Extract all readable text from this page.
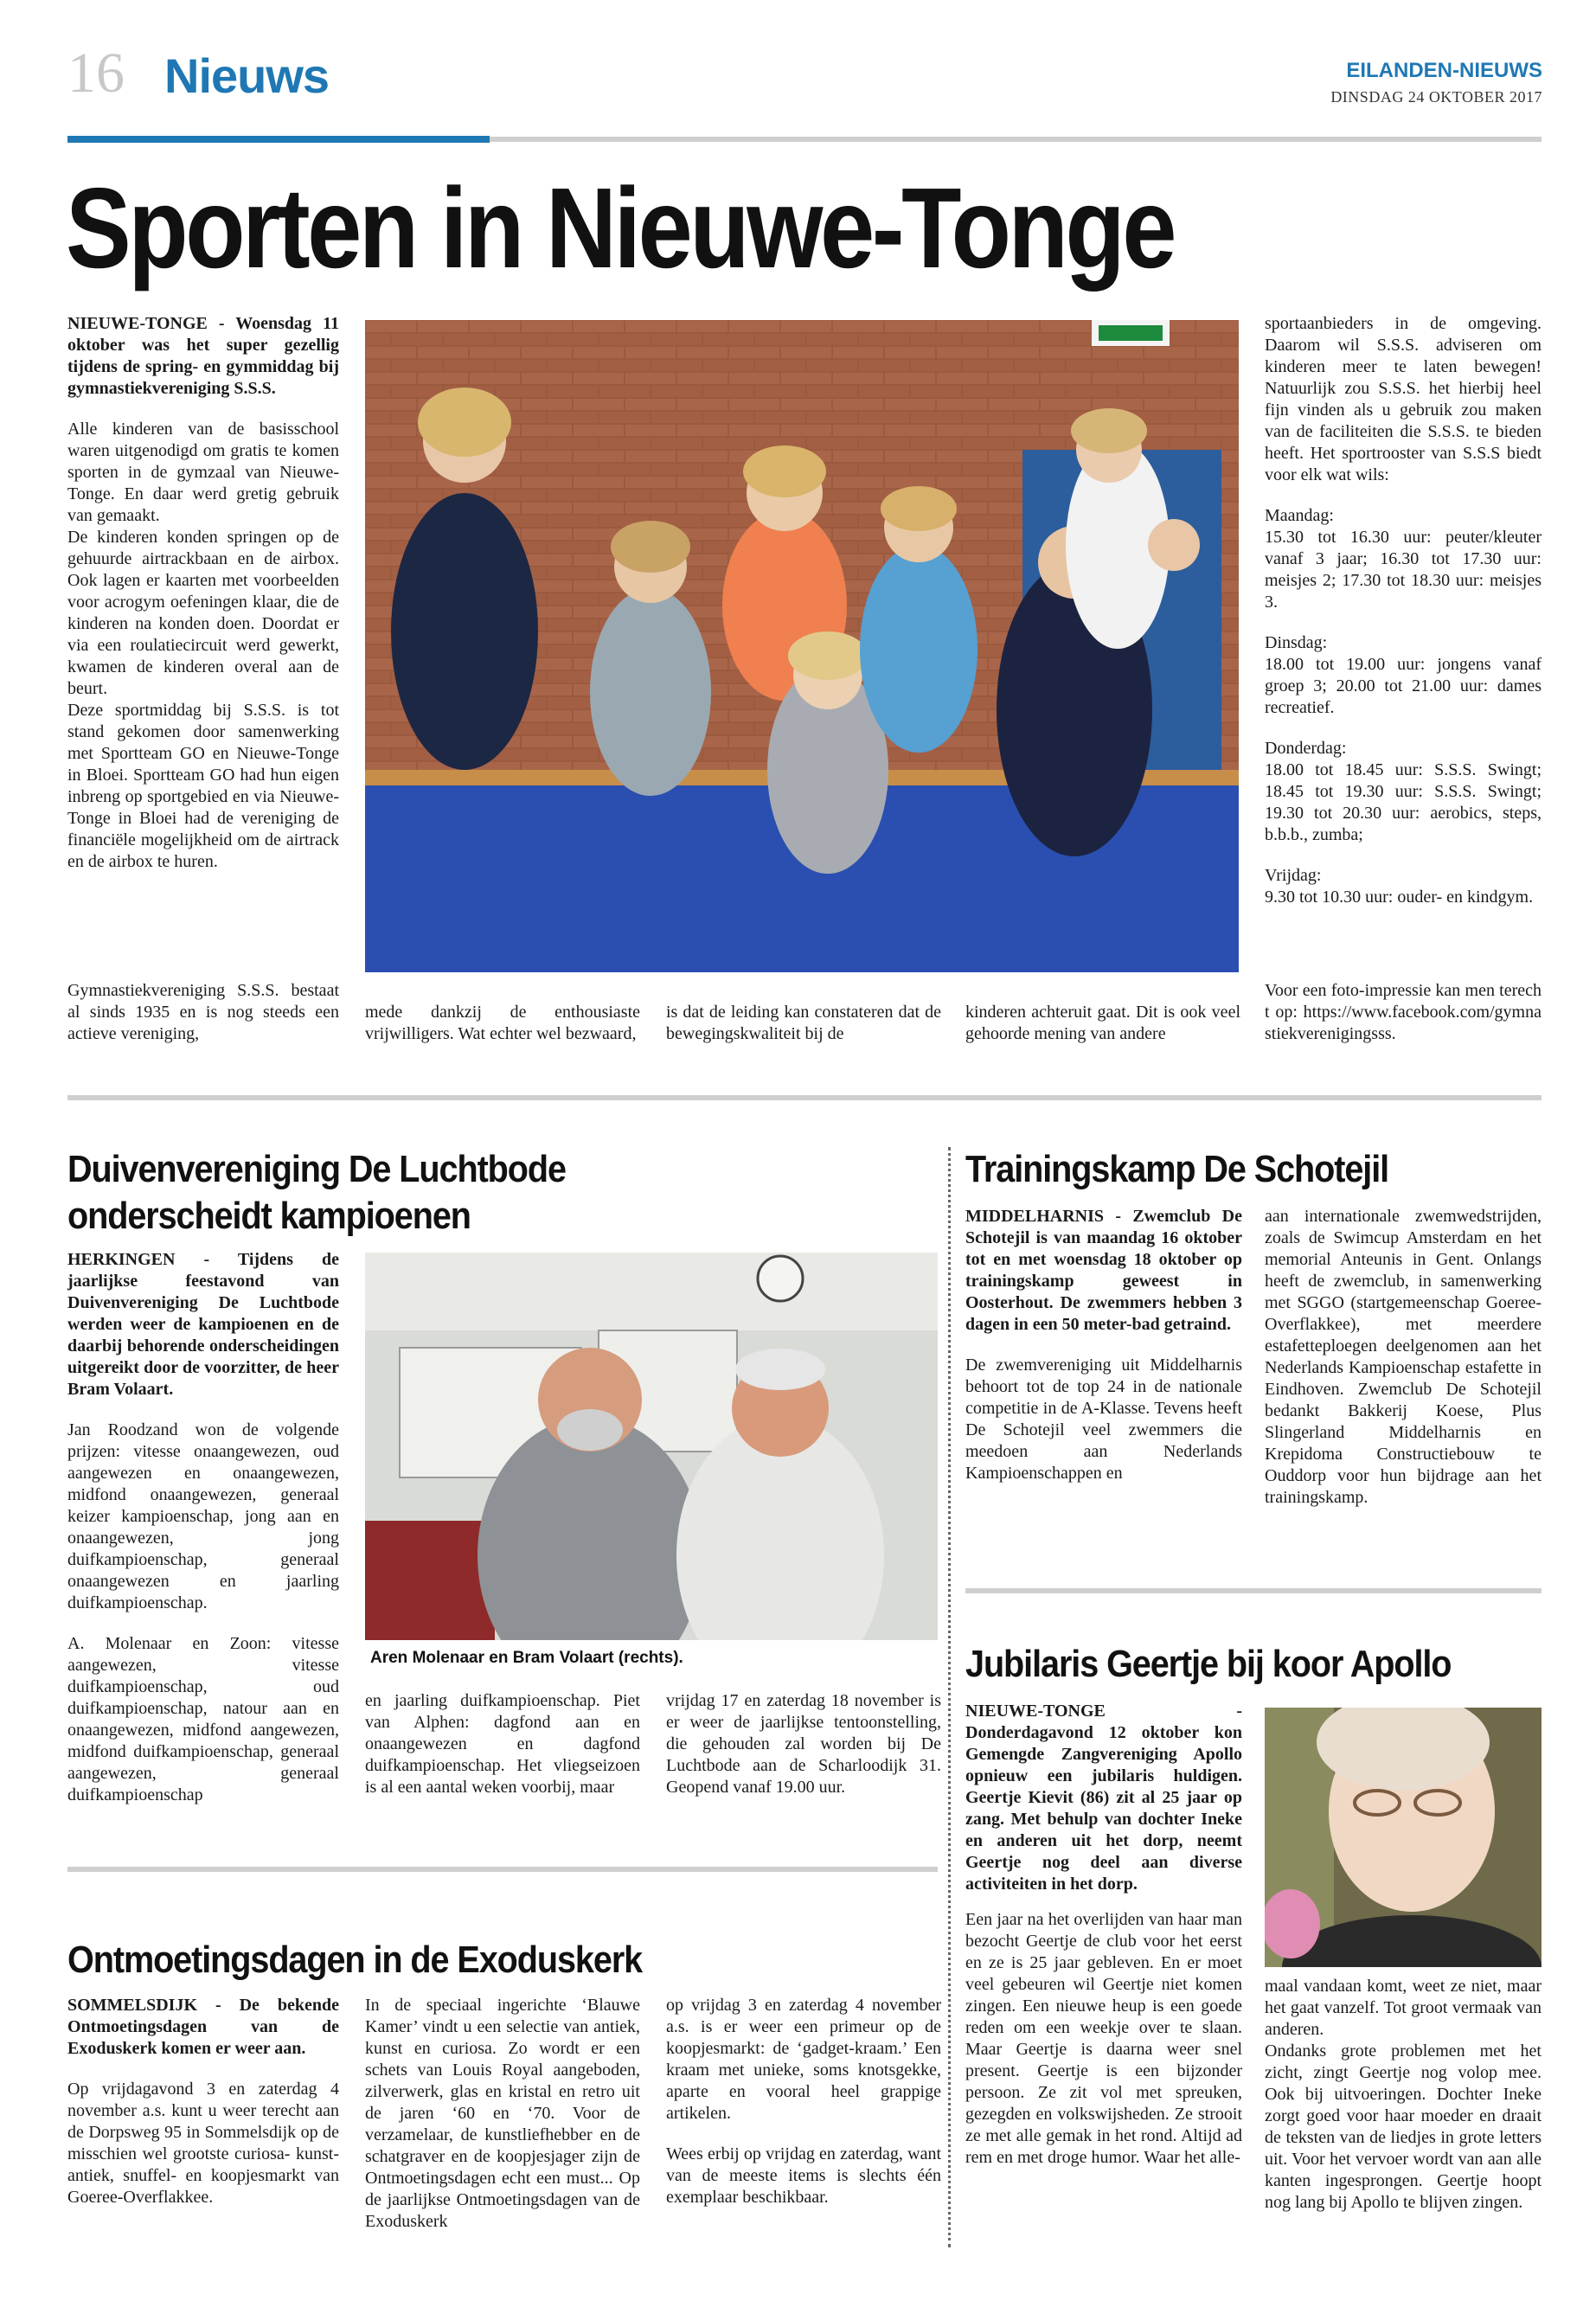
16 Nieuws	EILANDEN-NIEUWS
DINSDAG 24 OKTOBER 2017
Sporten in Nieuwe-Tonge

NIEUWE-TONGE - Woensdag 11 oktober was het super gezellig tijdens de spring- en gymmiddag bij gymnastiekvereniging S.S.S.

Alle kinderen van de basisschool waren uitgenodigd om gratis te komen sporten in de gymzaal van Nieuwe-Tonge. En daar werd gretig gebruik van gemaakt.

De kinderen konden springen op de gehuurde airtrackbaan en de airbox. Ook lagen er kaarten met voorbeelden voor acrogym oefeningen klaar, die de kinderen na konden doen. Doordat er via een roulatiecircuit werd gewerkt, kwamen de kinderen overal aan de beurt.

Deze sportmiddag bij S.S.S. is tot stand gekomen door samenwerking met Sportteam GO en Nieuwe-Tonge in Bloei. Sportteam GO had hun eigen inbreng op sportgebied en via Nieuwe-Tonge in Bloei had de vereniging de financiële mogelijkheid om de airtrack en de airbox te huren.

sportaanbieders in de omgeving. Daarom wil S.S.S. adviseren om kinderen meer te laten bewegen! Natuurlijk zou S.S.S. het hierbij heel fijn vinden als u gebruik zou maken van de faciliteiten die S.S.S. te bieden heeft. Het sportrooster van S.S.S biedt voor elk wat wils:

Maandag:

15.30 tot 16.30 uur: peuter/kleuter vanaf 3 jaar; 16.30 tot 17.30 uur: meisjes 2; 17.30 tot 18.30 uur: meisjes 3.

Dinsdag:

18.00 tot 19.00 uur: jongens vanaf groep 3; 20.00 tot 21.00 uur: dames recreatief.

Donderdag:

18.00 tot 18.45 uur: S.S.S. Swingt; 18.45 tot 19.30 uur: S.S.S. Swingt; 19.30 tot 20.30 uur: aerobics, steps, b.b.b., zumba;

Vrijdag:

9.30 tot 10.30 uur: ouder- en kindgym.

Gymnastiekvereniging S.S.S. bestaat al sinds 1935 en is nog steeds een actieve vereniging,

mede dankzij de enthousiaste vrijwilligers. Wat echter wel bezwaard,

is dat de leiding kan constateren dat de bewegingskwaliteit bij de

kinderen achteruit gaat. Dit is ook veel gehoorde mening van andere

Voor een foto-impressie kan men terecht op: https://www.facebook.com/gymnastiekverenigingsss.

Duivenvereniging De Luchtbode
onderscheidt kampioenen

HERKINGEN - Tijdens de jaarlijkse feestavond van Duivenvereniging De Luchtbode werden weer de kampioenen en de daarbij behorende onderscheidingen uitgereikt door de voorzitter, de heer Bram Volaart.

Jan Roodzand won de volgende prijzen: vitesse onaangewezen, oud aangewezen en onaangewezen, midfond onaangewezen, generaal keizer kampioenschap, jong aan en onaangewezen, jong duifkampioenschap, generaal onaangewezen en jaarling duifkampioenschap.

A. Molenaar en Zoon: vitesse aangewezen, vitesse duifkampioenschap, oud duifkampioenschap, natour aan en onaangewezen, midfond aangewezen, midfond duifkampioenschap, generaal aangewezen, generaal duifkampioenschap

Aren Molenaar en Bram Volaart (rechts).

en jaarling duifkampioenschap. Piet van Alphen: dagfond aan en onaangewezen en dagfond duifkampioenschap. Het vliegseizoen is al een aantal weken voorbij, maar

vrijdag 17 en zaterdag 18 november is er weer de jaarlijkse tentoonstelling, die gehouden zal worden bij De Luchtbode aan de Scharloodijk 31. Geopend vanaf 19.00 uur.

Trainingskamp De Schotejil

MIDDELHARNIS - Zwemclub De Schotejil is van maandag 16 oktober tot en met woensdag 18 oktober op trainingskamp geweest in Oosterhout. De zwemmers hebben 3 dagen in een 50 meter-bad getraind.

De zwemvereniging uit Middelharnis behoort tot de top 24 in de nationale competitie in de A-Klasse. Tevens heeft De Schotejil veel zwemmers die meedoen aan Nederlands Kampioenschappen en

aan internationale zwemwedstrijden, zoals de Swimcup Amsterdam en het memorial Anteunis in Gent. Onlangs heeft de zwemclub, in samenwerking met SGGO (startgemeenschap Goeree- Overflakkee), met meerdere estafetteploegen deelgenomen aan het Nederlands Kampioenschap estafette in Eindhoven. Zwemclub De Schotejil bedankt Bakkerij Koese, Plus Slingerland Middelharnis en Krepidoma Constructiebouw te Ouddorp voor hun bijdrage aan het trainingskamp.

Jubilaris Geertje bij koor Apollo

NIEUWE-TONGE - Donderdagavond 12 oktober kon Gemengde Zangvereniging Apollo opnieuw een jubilaris huldigen. Geertje Kievit (86) zit al 25 jaar op zang. Met behulp van dochter Ineke en anderen uit het dorp, neemt Geertje nog deel aan diverse activiteiten in het dorp.

Een jaar na het overlijden van haar man bezocht Geertje de club voor het eerst en ze is 25 jaar gebleven. En er moet veel gebeuren wil Geertje niet komen zingen. Een nieuwe heup is een goede reden om een weekje over te slaan. Maar Geertje is daarna weer snel present. Geertje is een bijzonder persoon. Ze zit vol met spreuken, gezegden en volkswijsheden. Ze strooit ze met alle gemak in het rond. Altijd ad rem en met droge humor. Waar het alle-

maal vandaan komt, weet ze niet, maar het gaat vanzelf. Tot groot vermaak van anderen.

Ondanks grote problemen met het zicht, zingt Geertje nog volop mee. Ook bij uitvoeringen. Dochter Ineke zorgt goed voor haar moeder en draait de teksten van de liedjes in grote letters uit. Voor het vervoer wordt van aan alle kanten ingesprongen. Geertje hoopt nog lang bij Apollo te blijven zingen.

Ontmoetingsdagen in de Exoduskerk

SOMMELSDIJK - De bekende Ontmoetingsdagen van de Exoduskerk komen er weer aan.

Op vrijdagavond 3 en zaterdag 4 november a.s. kunt u weer terecht aan de Dorpsweg 95 in Sommelsdijk op de misschien wel grootste curiosa- kunst-antiek, snuffel- en koopjesmarkt van Goeree-Overflakkee.

In de speciaal ingerichte ‘Blauwe Kamer’ vindt u een selectie van antiek, kunst en curiosa. Zo wordt er een schets van Louis Royal aangeboden, zilverwerk, glas en kristal en retro uit de jaren ‘60 en ‘70. Voor de verzamelaar, de kunstliefhebber en de schatgraver en de koopjesjager zijn de Ontmoetingsdagen echt een must... Op de jaarlijkse Ontmoetingsdagen van de Exoduskerk

op vrijdag 3 en zaterdag 4 november a.s. is er weer een primeur op de koopjesmarkt: de ‘gadget-kraam.’ Een kraam met unieke, soms knotsgekke, aparte en vooral heel grappige artikelen.

Wees erbij op vrijdag en zaterdag, want van de meeste items is slechts één exemplaar beschikbaar.
